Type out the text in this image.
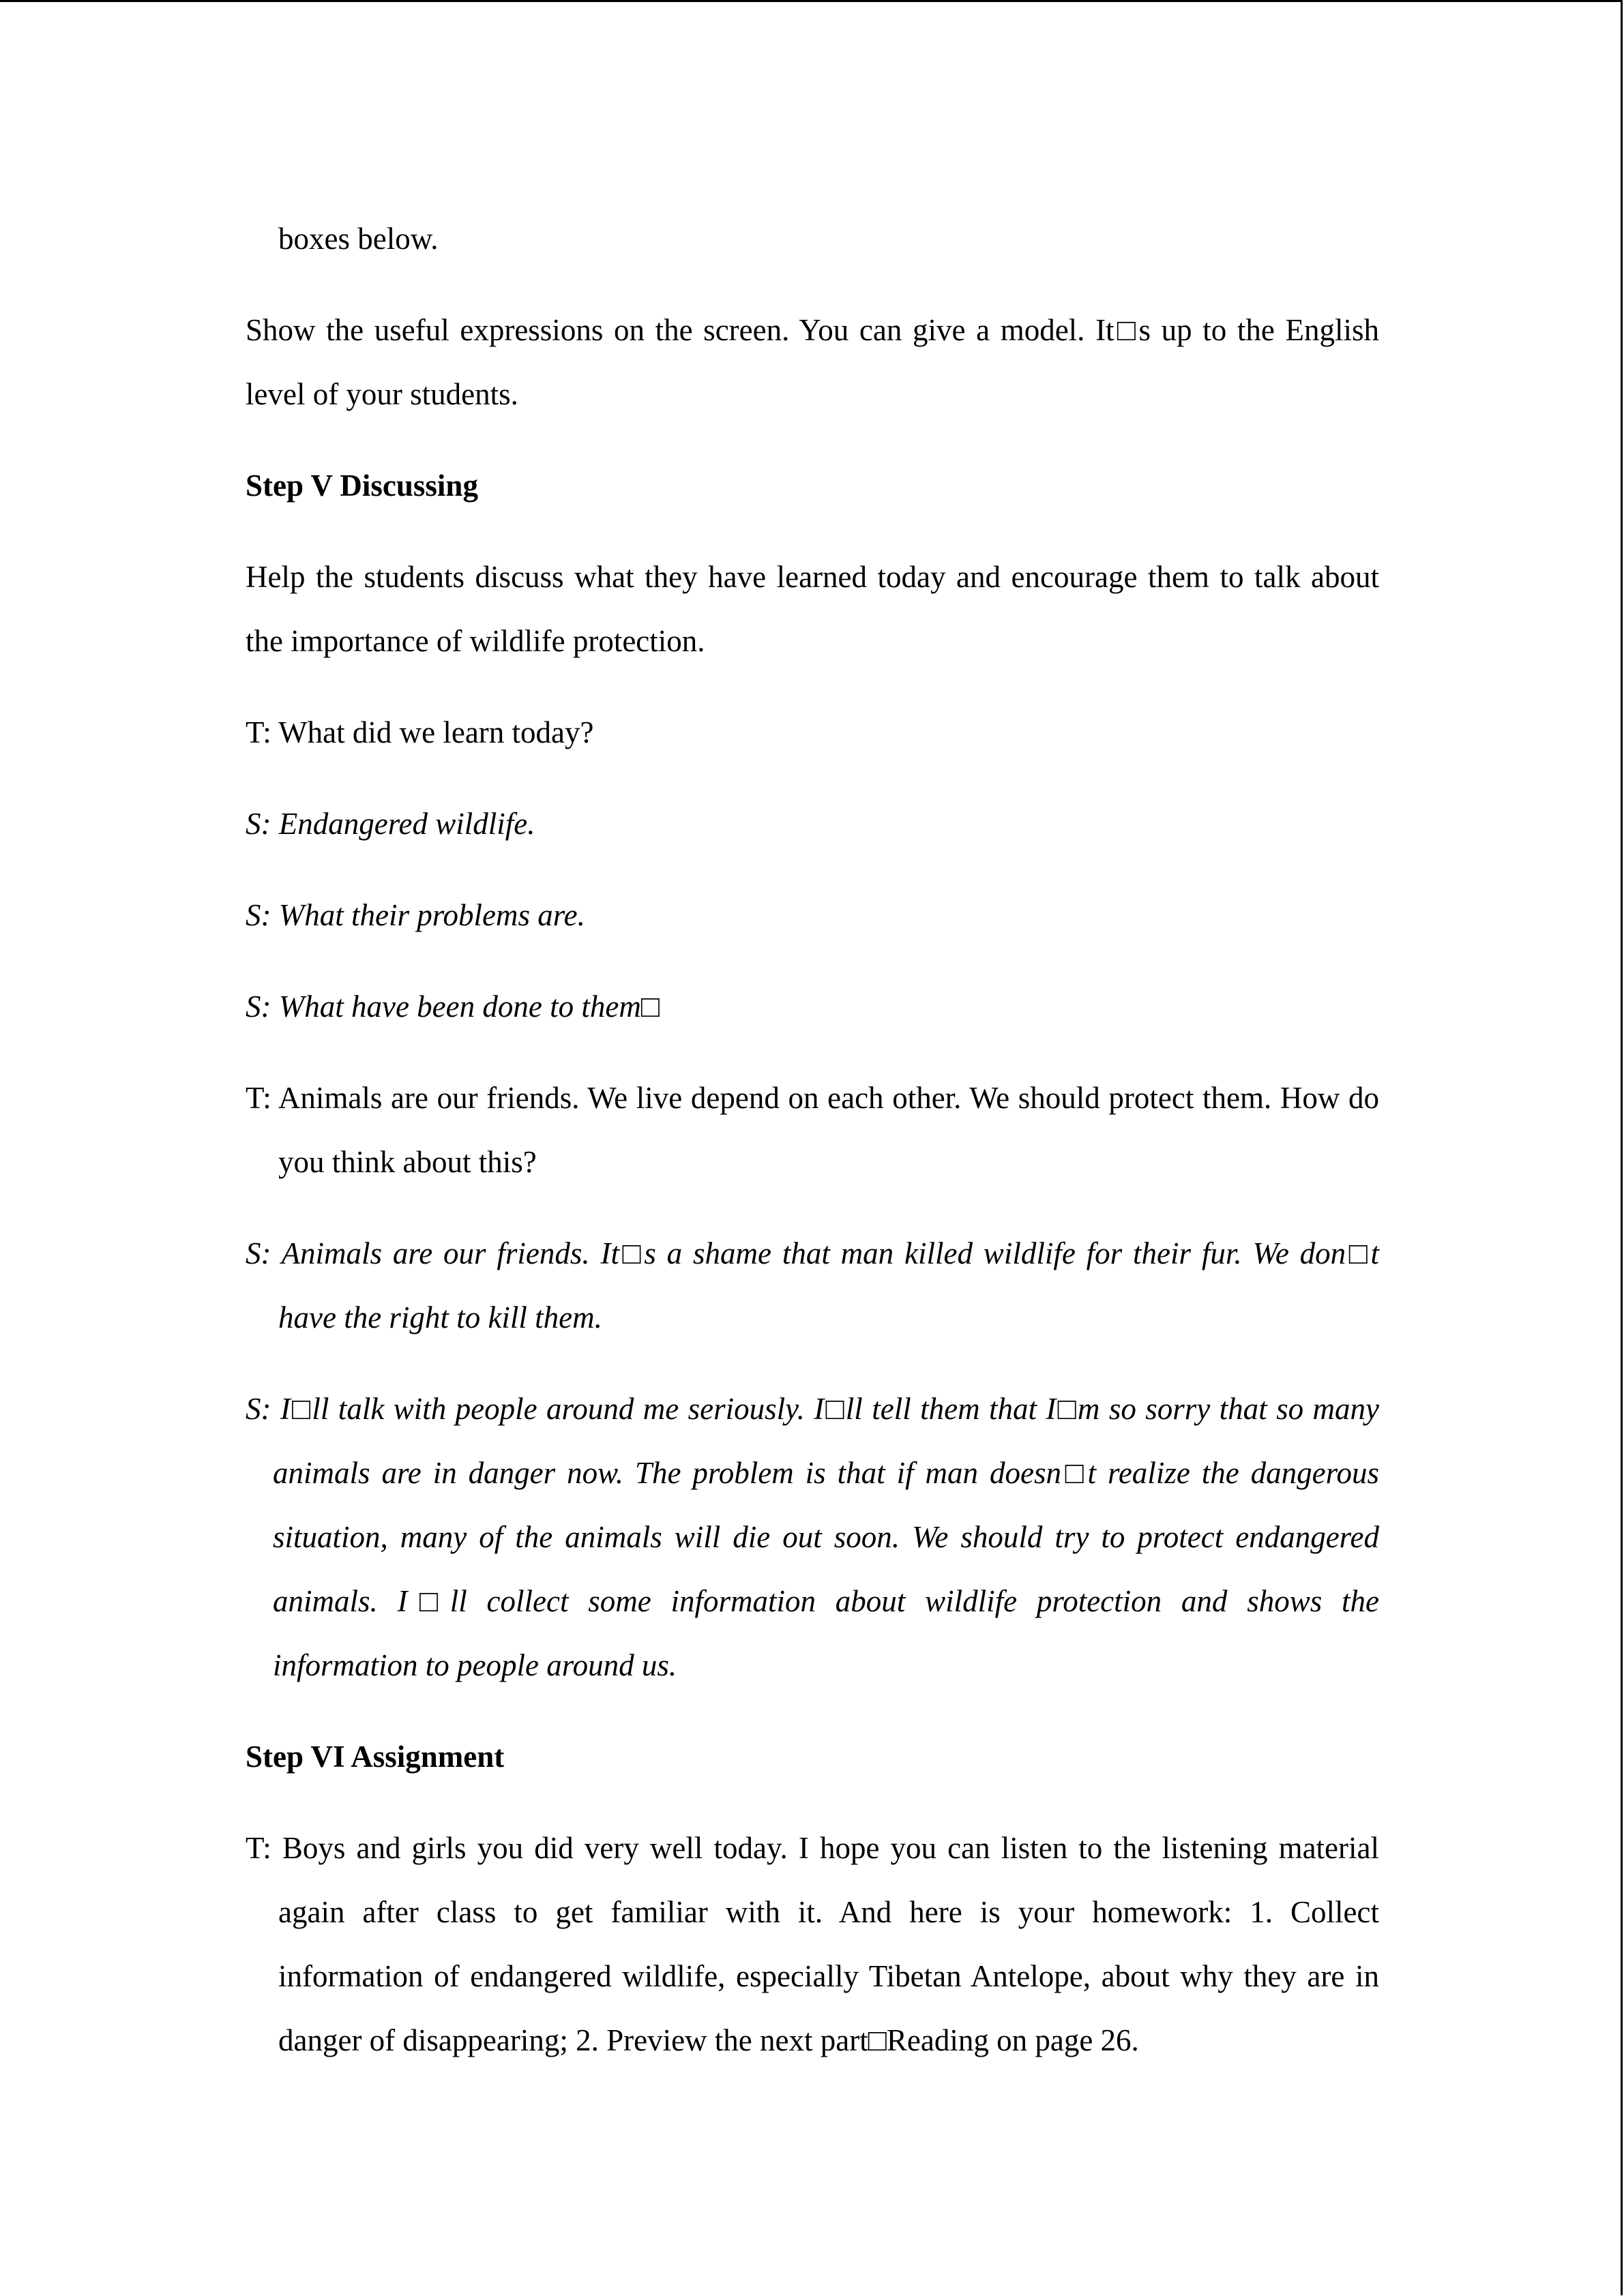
boxes below.

Show the useful expressions on the screen. You can give a model. It□s up to the English level of your students.

Step V Discussing

Help the students discuss what they have learned today and encourage them to talk about the importance of wildlife protection.

T: What did we learn today?

S: Endangered wildlife.

S: What their problems are.

S: What have been done to them□

T: Animals are our friends. We live depend on each other. We should protect them. How do you think about this?

S: Animals are our friends. It□s a shame that man killed wildlife for their fur. We don□t have the right to kill them.

S: I□ll talk with people around me seriously. I□ll tell them that I□m so sorry that so many animals are in danger now. The problem is that if man doesn□t realize the dangerous situation, many of the animals will die out soon. We should try to protect endangered animals. I□ll collect some information about wildlife protection and shows the information to people around us.

Step VI Assignment

T: Boys and girls you did very well today. I hope you can listen to the listening material again after class to get familiar with it. And here is your homework: 1. Collect information of endangered wildlife, especially Tibetan Antelope, about why they are in danger of disappearing; 2. Preview the next part□Reading on page 26.
